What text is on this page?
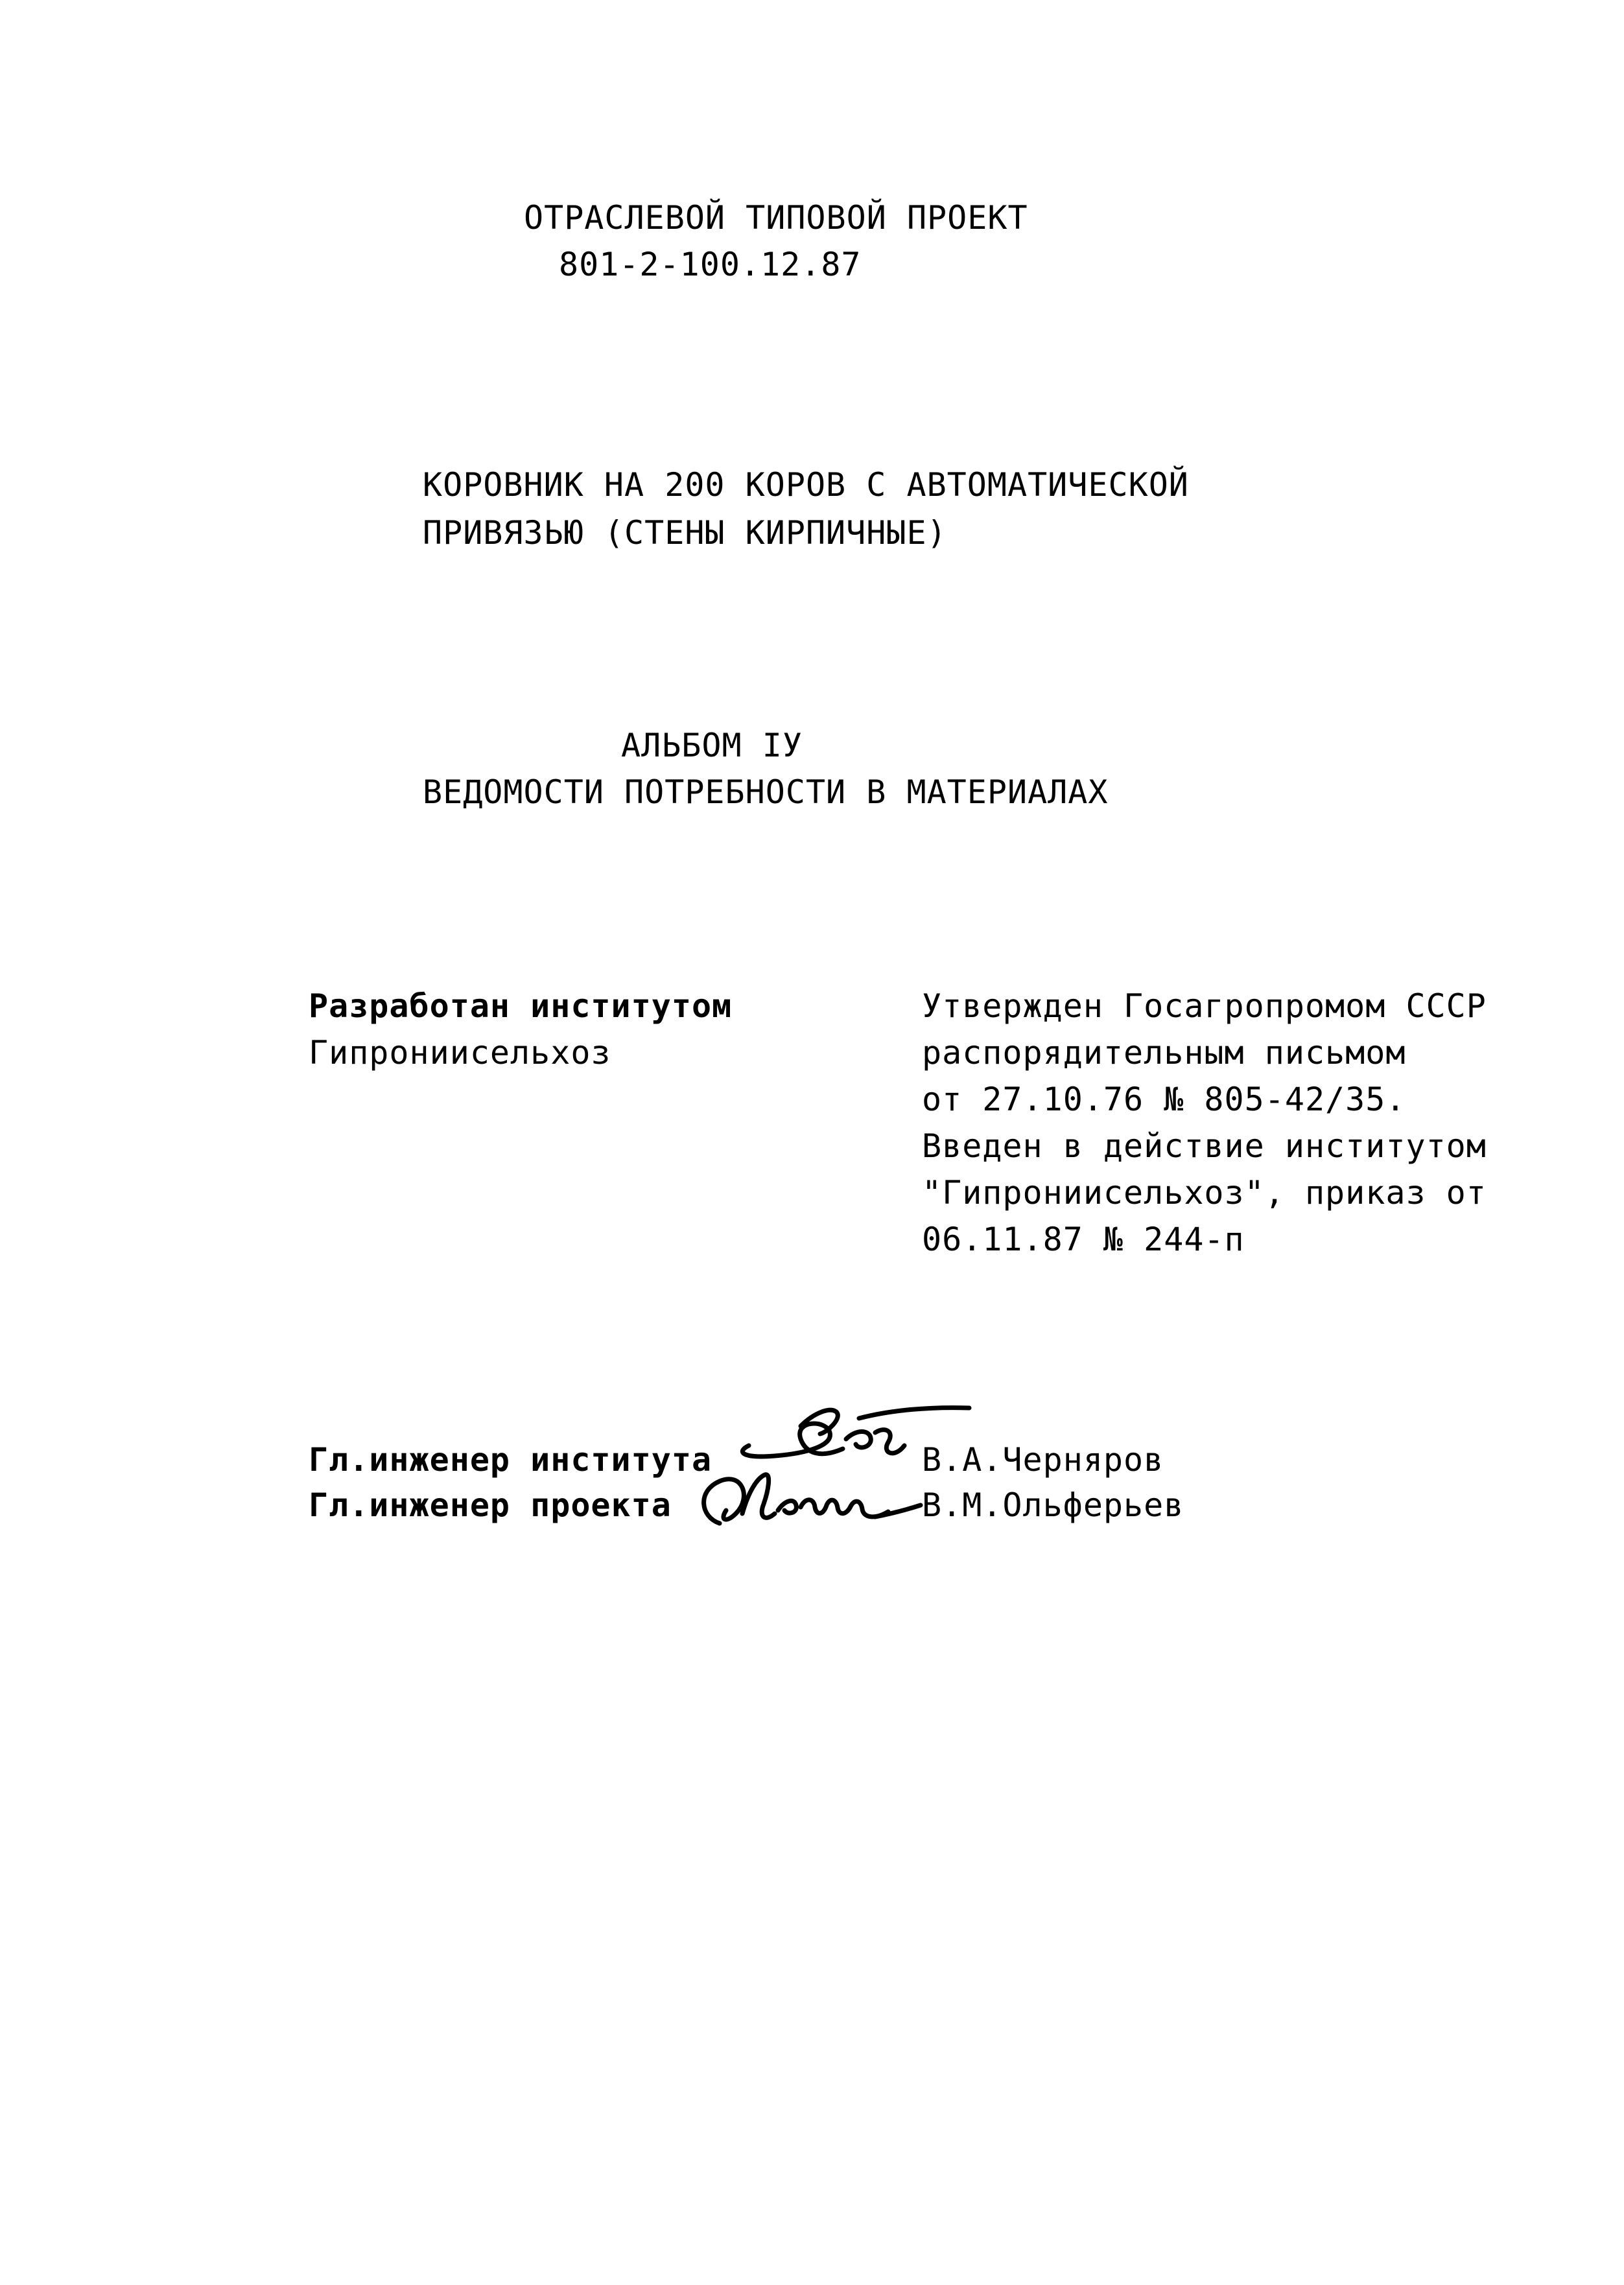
ОТРАСЛЕВОЙ ТИПОВОЙ ПРОЕКТ
801-2-100.12.87
КОРОВНИК НА 200 КОРОВ С АВТОМАТИЧЕСКОЙ
ПРИВЯЗЬЮ (СТЕНЫ КИРПИЧНЫЕ)
АЛЬБОМ IУ
ВЕДОМОСТИ ПОТРЕБНОСТИ В МАТЕРИАЛАХ
Разработан институтом
Гипрониисельхоз
Утвержден Госагропромом СССР
распорядительным письмом
от 27.10.76 № 805-42/35.
Введен в действие институтом
"Гипрониисельхоз", приказ от
06.11.87 № 244-п
Гл.инженер института	В.А.Черняров
Гл.инженер проекта	В.М.Ольферьев
